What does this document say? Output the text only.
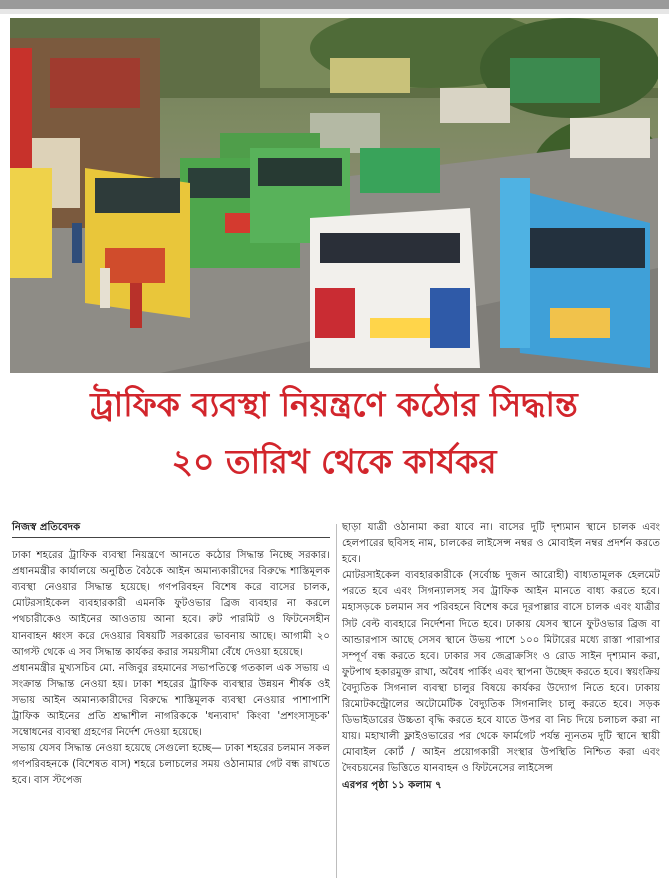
ট্রাফিক ব্যবস্থা নিয়ন্ত্রণে কঠোর সিদ্ধান্ত
২০ তারিখ থেকে কার্যকর
নিজস্ব প্রতিবেদক
ঢাকা শহরের ট্রাফিক ব্যবস্থা নিয়ন্ত্রণে আনতে কঠোর সিদ্ধান্ত নিচ্ছে সরকার। প্রধানমন্ত্রীর কার্যালয়ে অনুষ্ঠিত বৈঠকে আইন অমান্যকারীদের বিরুদ্ধে শাস্তিমূলক ব্যবস্থা নেওয়ার সিদ্ধান্ত হয়েছে। গণপরিবহন বিশেষ করে বাসের চালক, মোটরসাইকেল ব্যবহারকারী এমনকি ফুটওভার ব্রিজ ব্যবহার না করলে পথচারীকেও আইনের আওতায় আনা হবে। রুট পারমিট ও ফিটনেসহীন যানবাহন ধ্বংস করে দেওয়ার বিষয়টি সরকারের ভাবনায় আছে। আগামী ২০ আগস্ট থেকে এ সব সিদ্ধান্ত কার্যকর করার সময়সীমা বেঁধে দেওয়া হয়েছে।
প্রধানমন্ত্রীর মুখ্যসচিব মো. নজিবুর রহমানের সভাপতিত্বে গতকাল এক সভায় এ সংক্রান্ত সিদ্ধান্ত নেওয়া হয়। ঢাকা শহরের ট্রাফিক ব্যবস্থার উন্নয়ন শীর্ষক ওই সভায় আইন অমান্যকারীদের বিরুদ্ধে শাস্তিমূলক ব্যবস্থা নেওয়ার পাশাপাশি ট্রাফিক আইনের প্রতি শ্রদ্ধাশীল নাগরিককে 'ধন্যবাদ' কিংবা 'প্রশংসাসূচক' সম্বোধনের ব্যবস্থা গ্রহণের নির্দেশ দেওয়া হয়েছে।
সভায় যেসব সিদ্ধান্ত নেওয়া হয়েছে সেগুলো হচ্ছে— ঢাকা শহরের চলমান সকল গণপরিবহনকে (বিশেষত বাস) শহরে চলাচলের সময় ওঠানামার গেট বন্ধ রাখতে হবে। বাস স্টপেজ
ছাড়া যাত্রী ওঠানামা করা যাবে না। বাসের দুটি দৃশ্যমান স্থানে চালক এবং হেলপারের ছবিসহ নাম, চালকের লাইসেন্স নম্বর ও মোবাইল নম্বর প্রদর্শন করতে হবে।
মোটরসাইকেল ব্যবহারকারীকে (সর্বোচ্চ দুজন আরোহী) বাধ্যতামূলক হেলমেট পরতে হবে এবং সিগন্যালসহ সব ট্রাফিক আইন মানতে বাধ্য করতে হবে। মহাসড়কে চলমান সব পরিবহনে বিশেষ করে দূরপাল্লার বাসে চালক এবং যাত্রীর সিট বেল্ট ব্যবহারে নির্দেশনা দিতে হবে। ঢাকায় যেসব স্থানে ফুটওভার ব্রিজ বা আন্ডারপাস আছে সেসব স্থানে উভয় পাশে ১০০ মিটারের মধ্যে রাস্তা পারাপার সম্পূর্ণ বন্ধ করতে হবে। ঢাকার সব জেব্রাক্রসিং ও রোড সাইন দৃশ্যমান করা, ফুটপাথ হকারমুক্ত রাখা, অবৈধ পার্কিং এবং স্থাপনা উচ্ছেদ করতে হবে। স্বয়ংক্রিয় বৈদ্যুতিক সিগনাল ব্যবস্থা চালুর বিষয়ে কার্যকর উদ্যোগ নিতে হবে। ঢাকায় রিমোটকন্ট্রোলের অটোমেটিক বৈদ্যুতিক সিগনালিং চালু করতে হবে। সড়ক ডিভাইডারের উচ্চতা বৃদ্ধি করতে হবে যাতে উপর বা নিচ দিয়ে চলাচল করা না যায়। মহাখালী ফ্লাইওভারের পর থেকে ফার্মগেট পর্যন্ত ন্যূনতম দুটি স্থানে স্থায়ী মোবাইল কোর্ট / আইন প্রয়োগকারী সংস্থার উপস্থিতি নিশ্চিত করা এবং দৈবচয়নের ভিত্তিতে যানবাহন ও ফিটনেসের লাইসেন্স
এরপর পৃষ্ঠা ১১ কলাম ৭
